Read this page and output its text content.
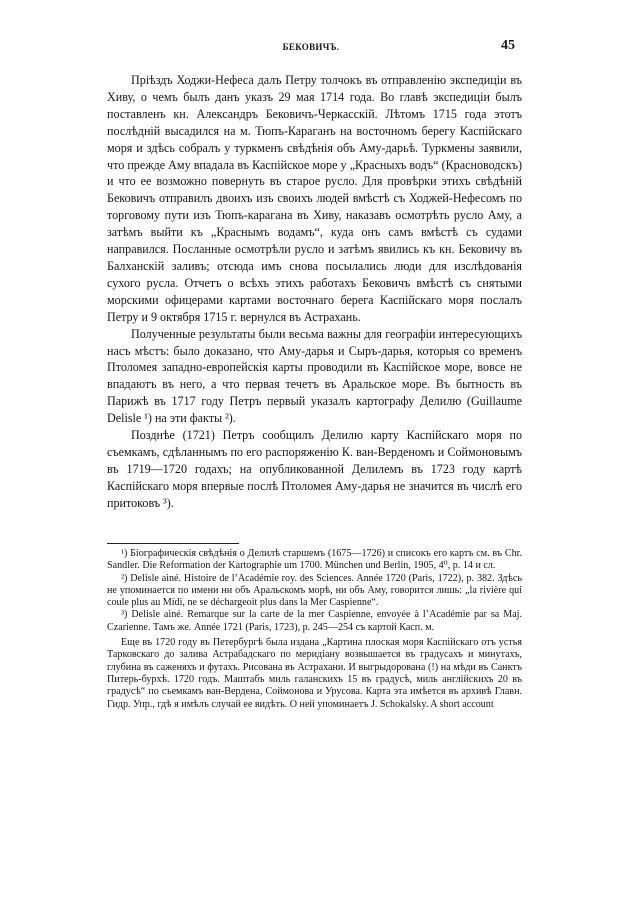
БЕКОВИЧЪ.	45

Прiѣздъ Ходжи-Нефеса далъ Петру толчокъ въ отправленiю экспедицiи въ Хиву, о чемъ былъ данъ указъ 29 мая 1714 года. Во главѣ экспедицiи былъ поставленъ кн. Александръ Бековичъ-Черкасскiй. Лѣтомъ 1715 года этотъ послѣднiй высадился на м. Тюпъ-Караганъ на восточномъ берегу Каспiйскаго моря и здѣсь собралъ у туркменъ свѣдѣнiя объ Аму-дарьѣ. Туркмены заявили, что прежде Аму впадала въ Каспiйское море у „Красныхъ водъ“ (Красноводскъ) и что ее возможно повернуть въ старое русло. Для провѣрки этихъ свѣдѣнiй Бековичъ отправилъ двоихъ изъ своихъ людей вмѣстѣ съ Ходжей-Нефесомъ по торговому пути изъ Тюпъ-карагана въ Хиву, наказавъ осмотрѣть русло Аму, а затѣмъ выйти къ „Краснымъ водамъ“, куда онъ самъ вмѣстѣ съ судами направился. Посланные осмотрѣли русло и затѣмъ явились къ кн. Бековичу въ Балханскiй заливъ; отсюда имъ снова посылались люди для изслѣдованiя сухого русла. Отчетъ о всѣхъ этихъ работахъ Бековичъ вмѣстѣ съ снятыми морскими офицерами картами восточнаго берега Каспiйскаго моря послалъ Петру и 9 октября 1715 г. вернулся въ Астрахань.

Полученные результаты были весьма важны для географiи интересующихъ насъ мѣстъ: было доказано, что Аму-дарья и Сыръ-дарья, которыя со временъ Птоломея западно-европейскiя карты проводили въ Каспiйское море, вовсе не впадаютъ въ него, а что первая течетъ въ Аральское море. Въ бытность въ Парижѣ въ 1717 году Петръ первый указалъ картографу Делилю (Guillaume Delisle ¹) на эти факты ²).

Позднѣе (1721) Петръ сообщилъ Делилю карту Каспiйскаго моря по съемкамъ, сдѣланнымъ по его распоряженiю К. ван-Верденомъ и Соймоновымъ въ 1719—1720 годахъ; на опубликованной Делилемъ въ 1723 году картѣ Каспiйскаго моря впервые послѣ Птоломея Аму-дарья не значится въ числѣ его притоковъ ³).

¹) Бiографическiя свѣдѣнiя о Делилѣ старшемъ (1675—1726) и списокъ его картъ см. въ Chr. Sandler. Die Reformation der Kartographie um 1700. München und Berlin, 1905, 4⁰, p. 14 и сл.

²) Delisle ainé. Histoire de l’Académie roy. des Sciences. Année 1720 (Paris, 1722), p. 382. Здѣсь не упоминается по имени ни объ Аральскомъ морѣ, ни объ Аму, говорится лишь: „la rivière qui coule plus au Midi, ne se déchargeoit plus dans la Mer Caspienne“.

³) Delisle ainé. Remarque sur la carte de la mer Caspienne, envoyée à l’Académie par sa Maj. Czarienne. Тамъ же. Année 1721 (Paris, 1723), p. 245—254 съ картой Касп. м.

Еще въ 1720 году въ Петербургѣ была издана „Картина плоская моря Каспiйскаго отъ устья Тарковскаго до залива Астрабадскаго по меридiану возвышается въ градусахъ и минутахъ, глубина въ саженяхъ и футахъ. Рисована въ Астрахани. И выгрыдорована (!) на мѣди въ Санктъ Питерь-бурхѣ. 1720 годъ. Маштабъ миль галанскихъ 15 въ градусѣ, миль англiйскихъ 20 въ градусѣ“ по съемкамъ ван-Вердена, Соймонова и Урусова. Карта эта имѣется въ архивѣ Главн. Гидр. Упр., гдѣ я имѣлъ случай ее видѣть. О ней упоминаетъ J. Schokalsky. A short account
